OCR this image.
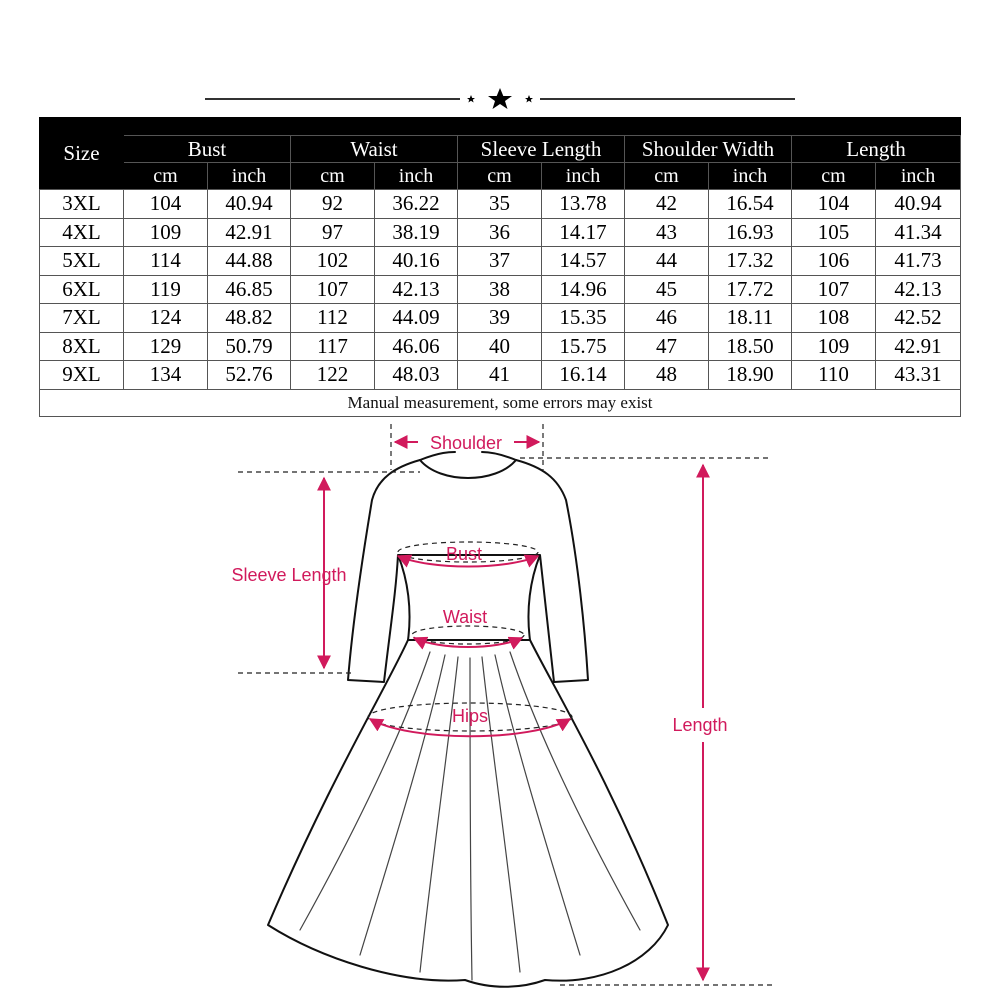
Size										
	Bust		Waist		Sleeve Length		Shoulder Width		Length	
	cm	inch	cm	inch	cm	inch	cm	inch	cm	inch
3XL	104	40.94	92	36.22	35	13.78	42	16.54	104	40.94
4XL	109	42.91	97	38.19	36	14.17	43	16.93	105	41.34
5XL	114	44.88	102	40.16	37	14.57	44	17.32	106	41.73
6XL	119	46.85	107	42.13	38	14.96	45	17.72	107	42.13
7XL	124	48.82	112	44.09	39	15.35	46	18.11	108	42.52
8XL	129	50.79	117	46.06	40	15.75	47	18.50	109	42.91
9XL	134	52.76	122	48.03	41	16.14	48	18.90	110	43.31
Manual measurement, some errors may exist										
Shoulder
Bust
Waist
Hips
Sleeve Length
Length
